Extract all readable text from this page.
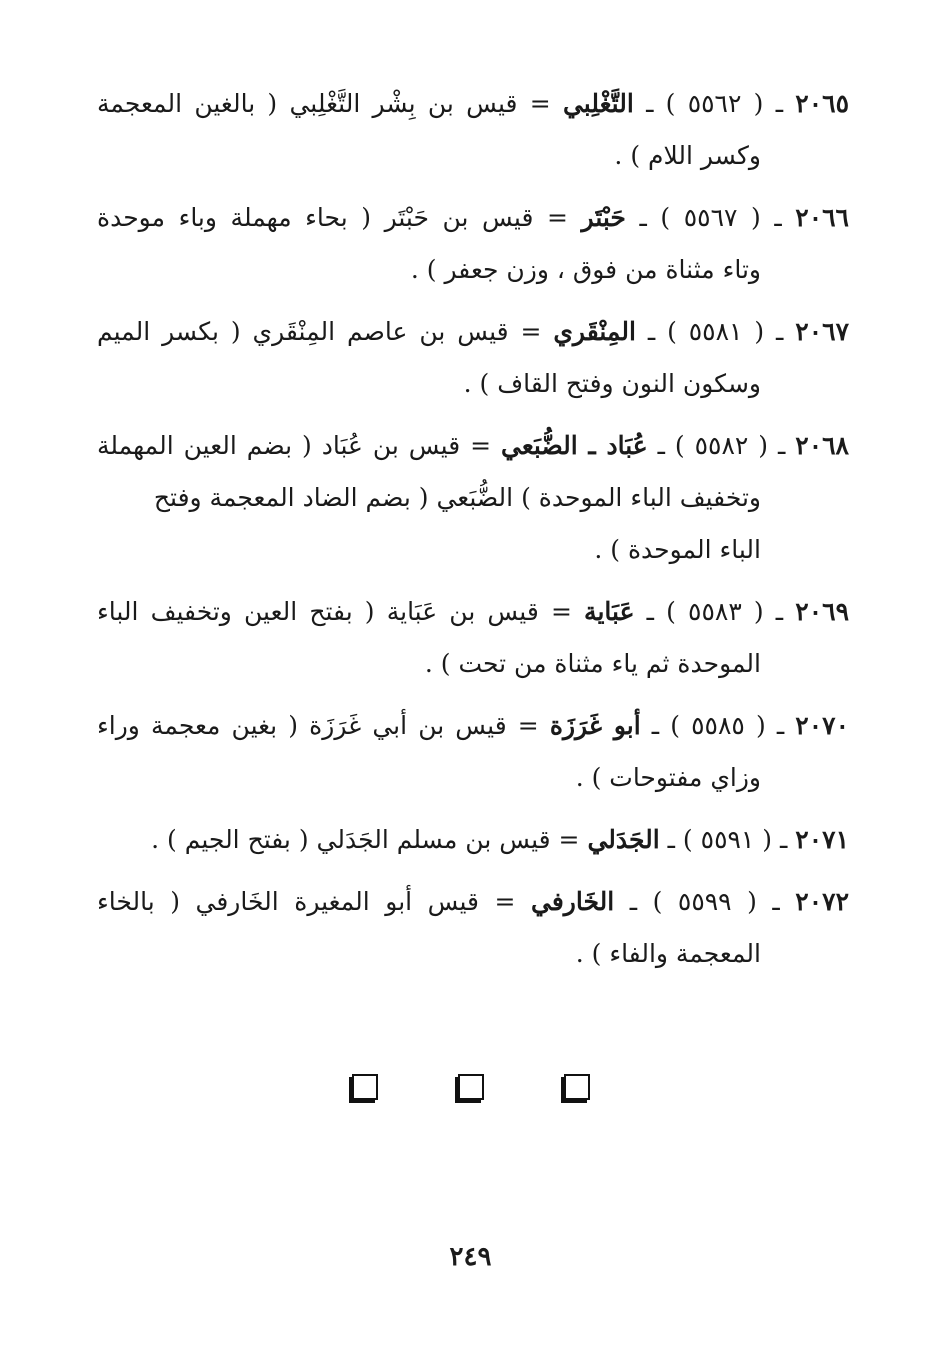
٢٠٦٥ ـ ( ٥٥٦٢ ) ـ التَّغْلِبي = قيس بن بِشْر التَّغْلِبي ( بالغين المعجمة
وكسر اللام ) .
٢٠٦٦ ـ ( ٥٥٦٧ ) ـ حَبْتَر = قيس بن حَبْتَر ( بحاء مهملة وباء موحدة
وتاء مثناة من فوق ، وزن جعفر ) .
٢٠٦٧ ـ ( ٥٥٨١ ) ـ المِنْقَري = قيس بن عاصم المِنْقَري ( بكسر الميم
وسكون النون وفتح القاف ) .
٢٠٦٨ ـ ( ٥٥٨٢ ) ـ عُبَاد ـ الضُّبَعي = قيس بن عُبَاد ( بضم العين المهملة
وتخفيف الباء الموحدة ) الضُّبَعي ( بضم الضاد المعجمة وفتح
الباء الموحدة ) .
٢٠٦٩ ـ ( ٥٥٨٣ ) ـ عَبَاية = قيس بن عَبَاية ( بفتح العين وتخفيف الباء
الموحدة ثم ياء مثناة من تحت ) .
٢٠٧٠ ـ ( ٥٥٨٥ ) ـ أبو غَرَزَة = قيس بن أبي غَرَزَة ( بغين معجمة وراء
وزاي مفتوحات ) .
٢٠٧١ ـ ( ٥٥٩١ ) ـ الجَدَلي = قيس بن مسلم الجَدَلي ( بفتح الجيم ) .
٢٠٧٢ ـ ( ٥٥٩٩ ) ـ الخَارفي = قيس أبو المغيرة الخَارفي ( بالخاء
المعجمة والفاء ) .
٢٤٩
